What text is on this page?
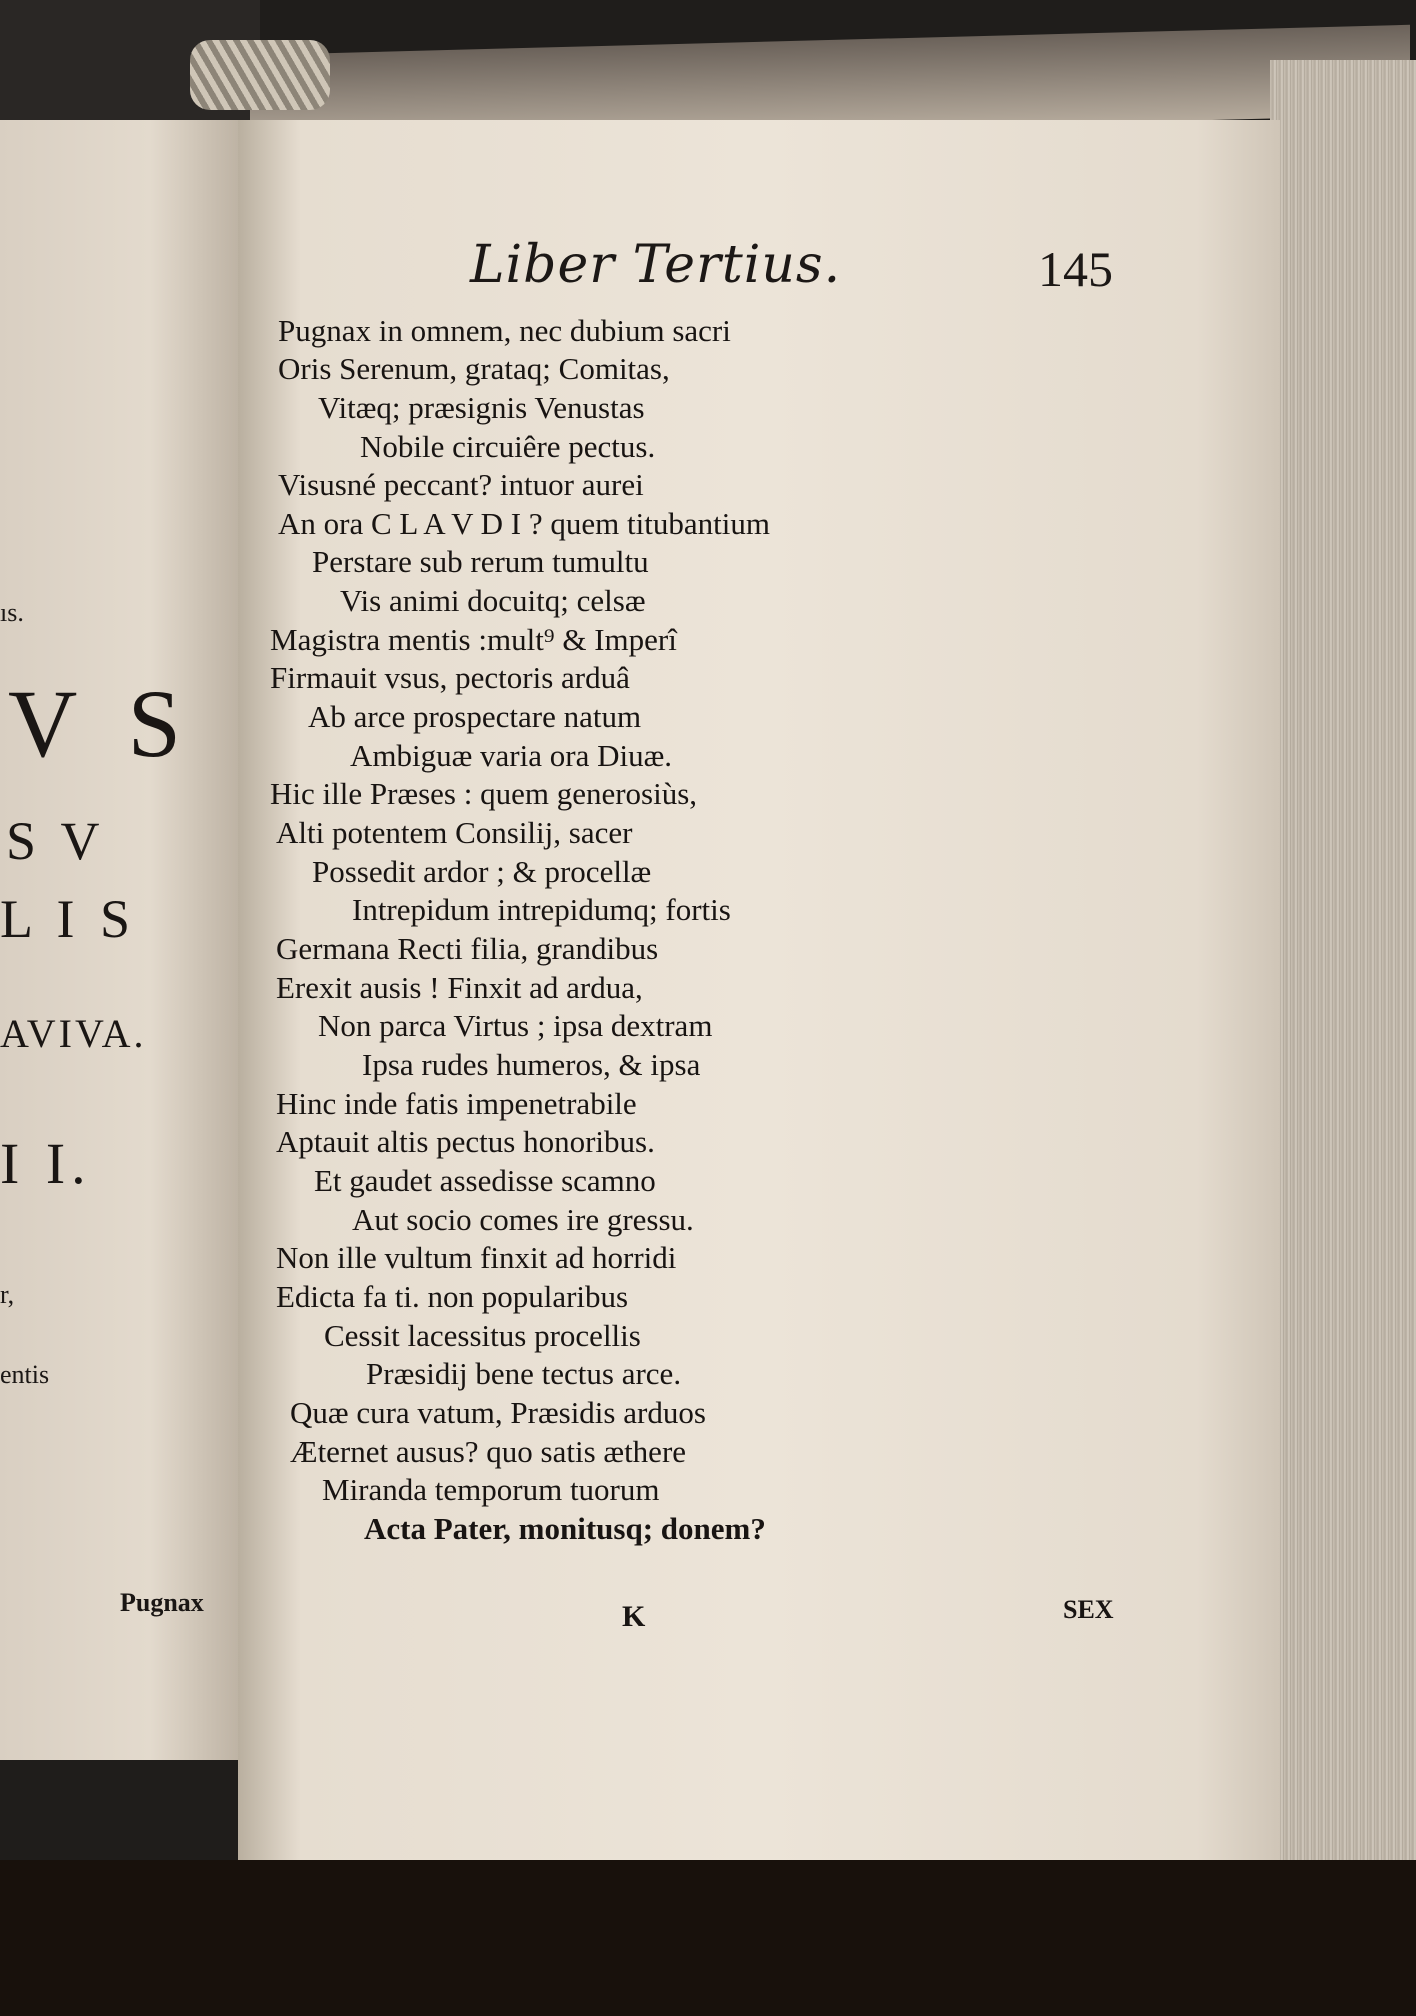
ıs.
V S
S V
L I S
AVIVA.
I I.
r,
entis
Pugnax
Liber Tertius.	145
Pugnax in omnem, nec dubium sacri
Oris Serenum, grataq; Comitas,
Vitæq; præsignis Venustas
Nobile circuiêre pectus.
Visusné peccant? intuor aurei
An ora C L A V D I ? quem titubantium
Perstare sub rerum tumultu
Vis animi docuitq; celsæ
Magistra mentis :mult⁹ & Imperî
Firmauit vsus, pectoris arduâ
Ab arce prospectare natum
Ambiguæ varia ora Diuæ.
Hic ille Præses : quem generosiùs,
Alti potentem Consilij, sacer
Possedit ardor ; & procellæ
Intrepidum intrepidumq; fortis
Germana Recti filia, grandibus
Erexit ausis ! Finxit ad ardua,
Non parca Virtus ; ipsa dextram
Ipsa rudes humeros, & ipsa
Hinc inde fatis impenetrabile
Aptauit altis pectus honoribus.
Et gaudet assedisse scamno
Aut socio comes ire gressu.
Non ille vultum finxit ad horridi
Edicta fa ti. non popularibus
Cessit lacessitus procellis
Præsidij bene tectus arce.
Quæ cura vatum, Præsidis arduos
Æternet ausus? quo satis æthere
Miranda temporum tuorum
Acta Pater, monitusq; donem?
K	SEX
